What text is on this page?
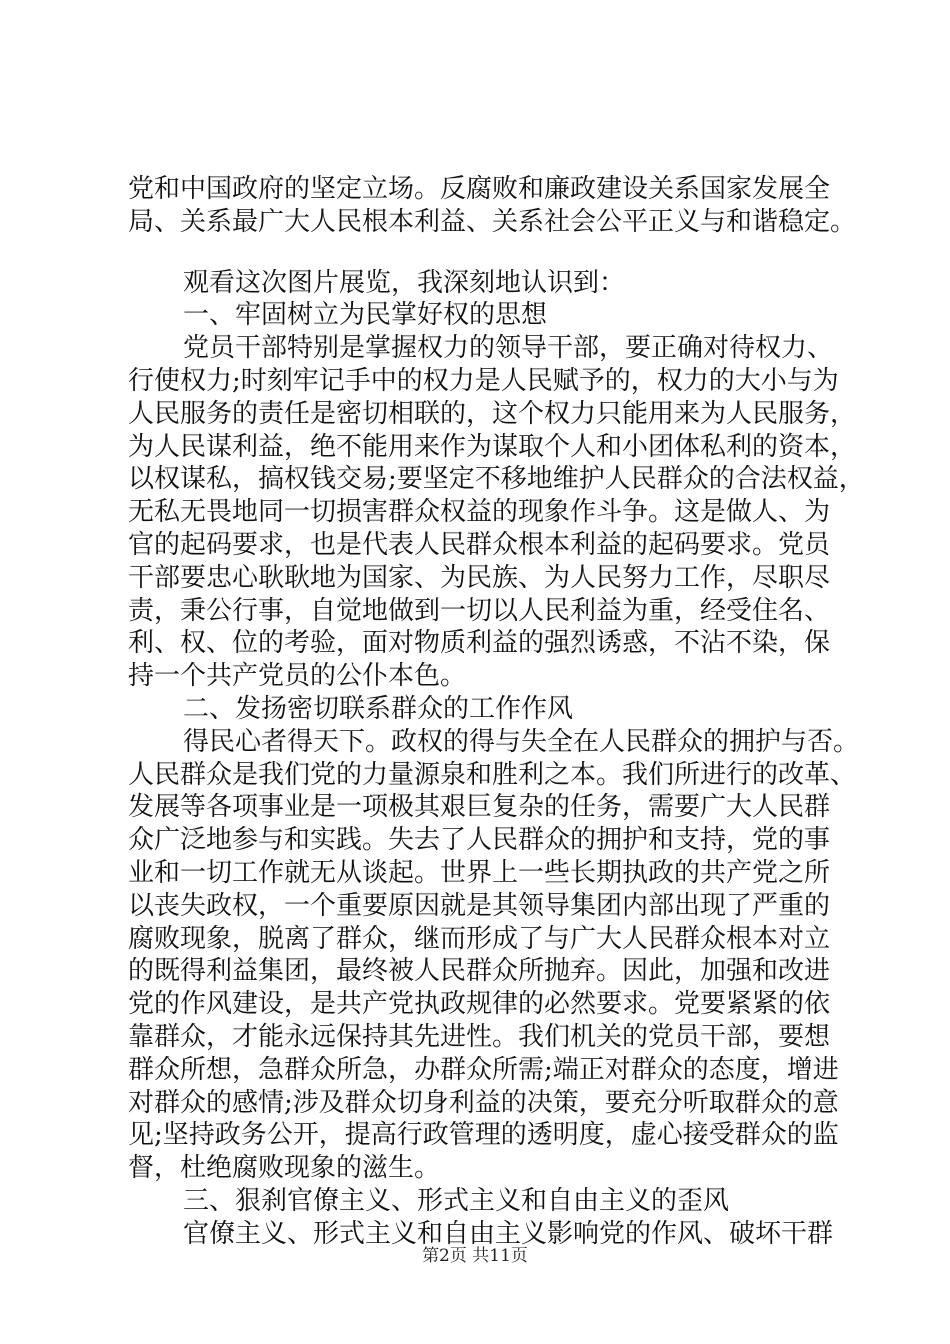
党和中国政府的坚定立场。反腐败和廉政建设关系国家发展全
局、关系最广大人民根本利益、关系社会公平正义与和谐稳定。
观看这次图片展览，我深刻地认识到：
一、牢固树立为民掌好权的思想
党员干部特别是掌握权力的领导干部，要正确对待权力、
行使权力;时刻牢记手中的权力是人民赋予的，权力的大小与为
人民服务的责任是密切相联的，这个权力只能用来为人民服务，
为人民谋利益，绝不能用来作为谋取个人和小团体私利的资本，
以权谋私，搞权钱交易;要坚定不移地维护人民群众的合法权益，
无私无畏地同一切损害群众权益的现象作斗争。这是做人、为
官的起码要求，也是代表人民群众根本利益的起码要求。党员
干部要忠心耿耿地为国家、为民族、为人民努力工作，尽职尽
责，秉公行事，自觉地做到一切以人民利益为重，经受住名、
利、权、位的考验，面对物质利益的强烈诱惑，不沾不染，保
持一个共产党员的公仆本色。
二、发扬密切联系群众的工作作风
得民心者得天下。政权的得与失全在人民群众的拥护与否。
人民群众是我们党的力量源泉和胜利之本。我们所进行的改革、
发展等各项事业是一项极其艰巨复杂的任务，需要广大人民群
众广泛地参与和实践。失去了人民群众的拥护和支持，党的事
业和一切工作就无从谈起。世界上一些长期执政的共产党之所
以丧失政权，一个重要原因就是其领导集团内部出现了严重的
腐败现象，脱离了群众，继而形成了与广大人民群众根本对立
的既得利益集团，最终被人民群众所抛弃。因此，加强和改进
党的作风建设，是共产党执政规律的必然要求。党要紧紧的依
靠群众，才能永远保持其先进性。我们机关的党员干部，要想
群众所想，急群众所急，办群众所需;端正对群众的态度，增进
对群众的感情;涉及群众切身利益的决策，要充分听取群众的意
见;坚持政务公开，提高行政管理的透明度，虚心接受群众的监
督，杜绝腐败现象的滋生。
三、狠刹官僚主义、形式主义和自由主义的歪风
官僚主义、形式主义和自由主义影响党的作风、破坏干群
第2页 共11页
